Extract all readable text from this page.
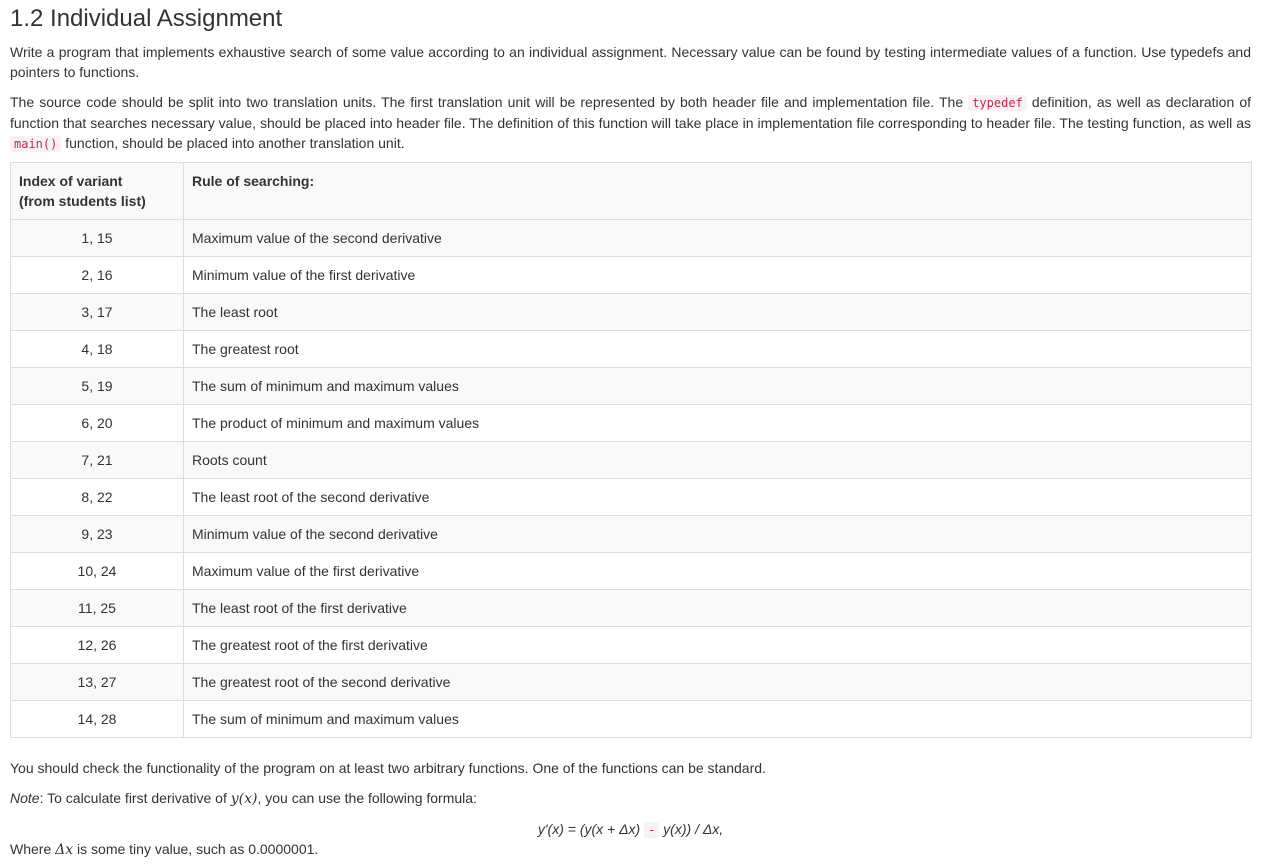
1.2 Individual Assignment

Write a program that implements exhaustive search of some value according to an individual assignment. Necessary value can be found by testing intermediate values of a function. Use typedefs and pointers to functions.

The source code should be split into two translation units. The first translation unit will be represented by both header file and implementation file. The typedef definition, as well as declaration of function that searches necessary value, should be placed into header file. The definition of this function will take place in implementation file corresponding to header file. The testing function, as well as main() function, should be placed into another translation unit.

Index of variant
(from students list)	Rule of searching:
1, 15	Maximum value of the second derivative
2, 16	Minimum value of the first derivative
3, 17	The least root
4, 18	The greatest root
5, 19	The sum of minimum and maximum values
6, 20	The product of minimum and maximum values
7, 21	Roots count
8, 22	The least root of the second derivative
9, 23	Minimum value of the second derivative
10, 24	Maximum value of the first derivative
11, 25	The least root of the first derivative
12, 26	The greatest root of the first derivative
13, 27	The greatest root of the second derivative
14, 28	The sum of minimum and maximum values

You should check the functionality of the program on at least two arbitrary functions. One of the functions can be standard.

Note: To calculate first derivative of y(x), you can use the following formula:

y'(x) = (y(x + Δx) - y(x)) / Δx,

Where Δx is some tiny value, such as 0.0000001.
